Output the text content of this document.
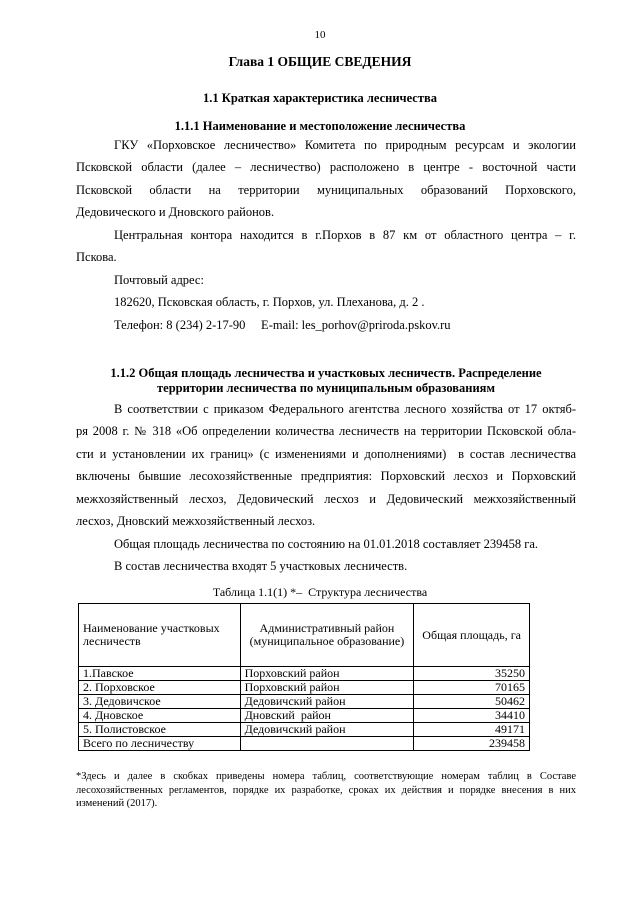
10
Глава 1 ОБЩИЕ СВЕДЕНИЯ
1.1 Краткая характеристика лесничества
1.1.1 Наименование и местоположение лесничества
ГКУ «Порховское лесничество» Комитета по природным ресурсам и экологии
Псковской области (далее – лесничество) расположено в центре - восточной части
Псковской области на территории муниципальных образований Порховского,
Дедовического и Дновского районов.
Центральная контора находится в г.Порхов в 87 км от областного центра – г.
Пскова.
Почтовый адрес:
182620, Псковская область, г. Порхов, ул. Плеханова, д. 2 .
Телефон: 8 (234) 2-17-90     E-mail: les_porhov@priroda.pskov.ru
1.1.2 Общая площадь лесничества и участковых лесничеств. Распределение
территории лесничества по муниципальным образованиям
В соответствии с приказом Федерального агентства лесного хозяйства от 17 октяб-
ря 2008 г. № 318 «Об определении количества лесничеств на территории Псковской обла-
сти и установлении их границ» (с изменениями и дополнениями)  в состав лесничества
включены бывшие лесохозяйственные предприятия: Порховский лесхоз и Порховский
межхозяйственный лесхоз, Дедовический лесхоз и Дедовический межхозяйственный
лесхоз, Дновский межхозяйственный лесхоз.
Общая площадь лесничества по состоянию на 01.01.2018 составляет 239458 га.
В состав лесничества входят 5 участковых лесничеств.
Таблица 1.1(1) *–  Структура лесничества
Наименование участковых лесничеств	Административный район (муниципальное образование)	Общая площадь, га
1.Павское	Порховский район	35250
2. Порховское	Порховский район	70165
3. Дедовичское	Дедовичский район	50462
4. Дновское	Дновский  район	34410
5. Полистовское	Дедовичский район	49171
Всего по лесничеству		239458
*Здесь и далее в скобках приведены номера таблиц, соответствующие номерам таблиц в Составе лесохозяйственных регламентов, порядке их разработке, сроках их действия и порядке внесения в них изменений (2017).
